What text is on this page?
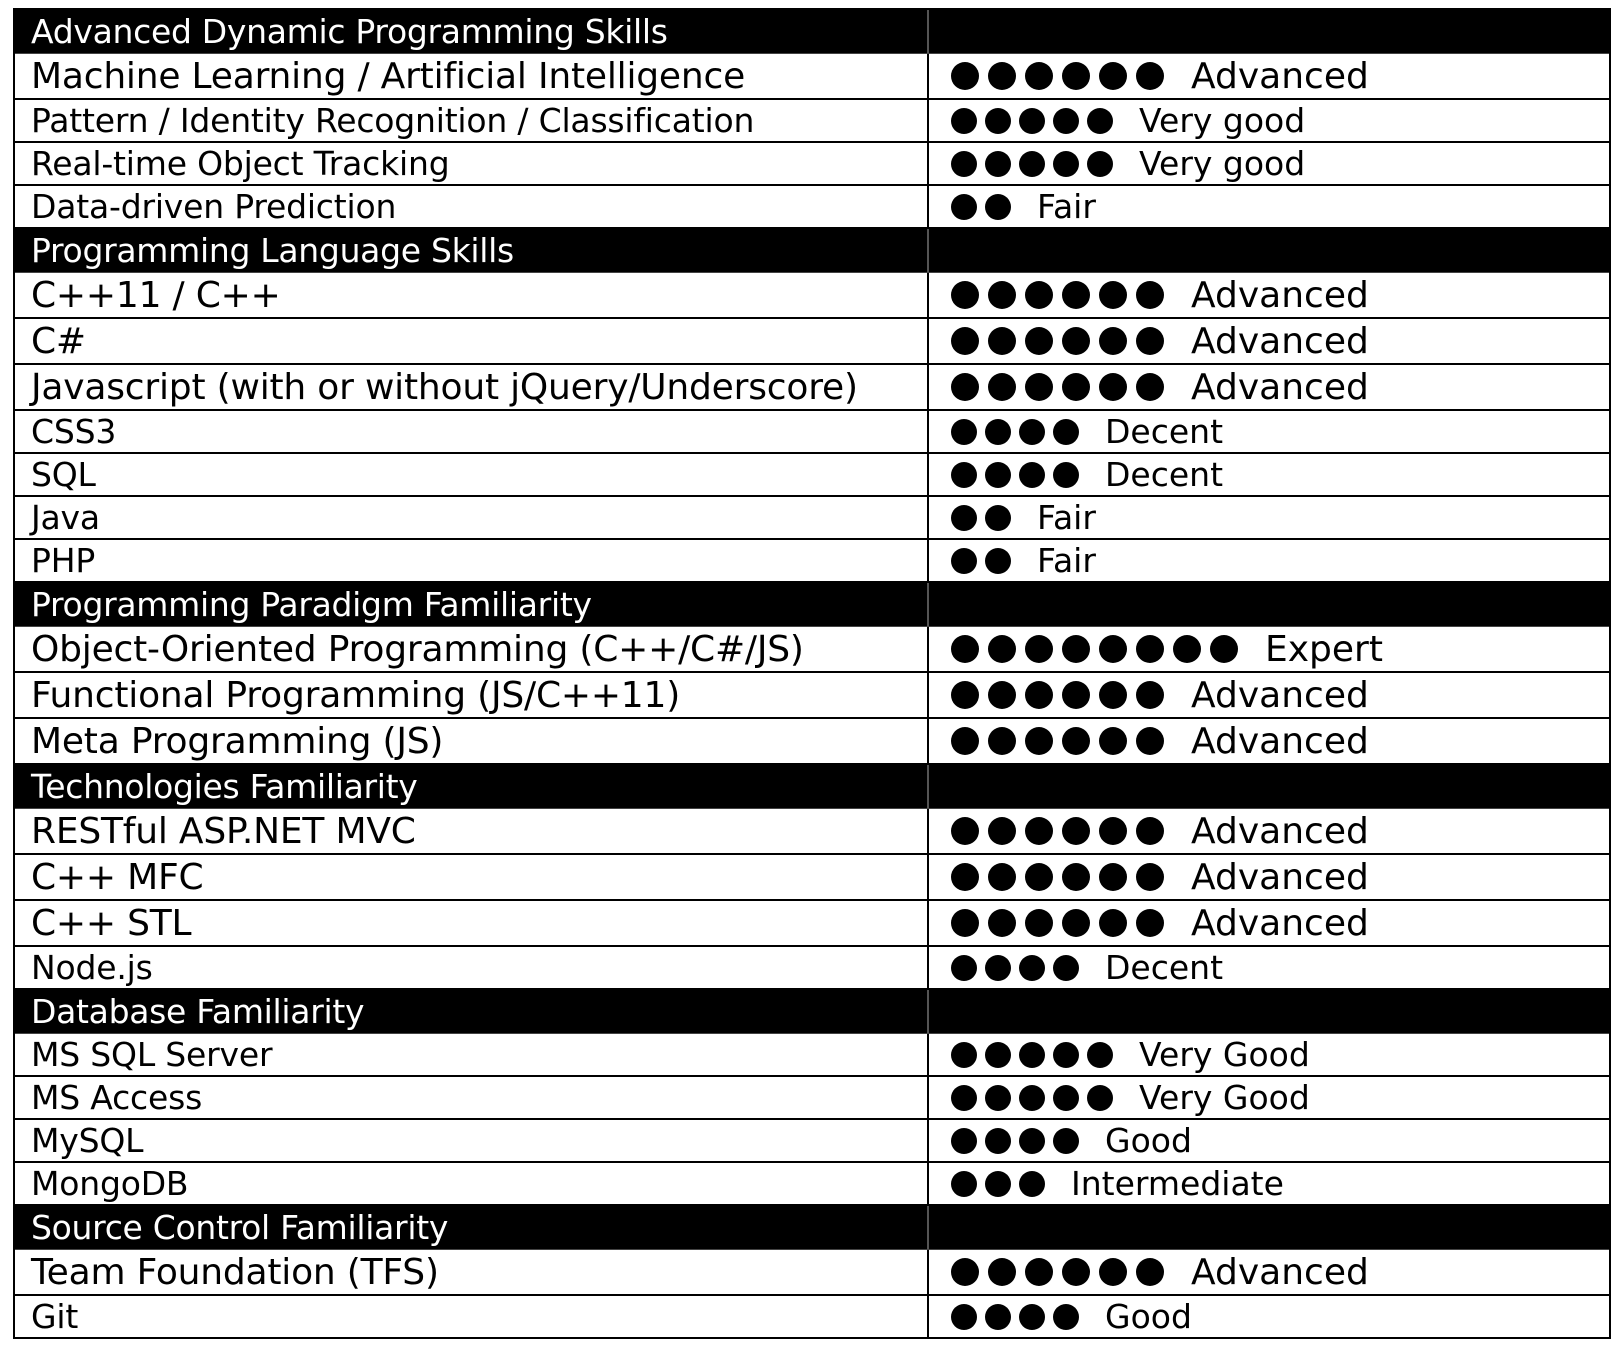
Advanced Dynamic Programming Skills
Machine Learning / Artificial Intelligence	Advanced
Pattern / Identity Recognition / Classification	Very good
Real-time Object Tracking	Very good
Data-driven Prediction	Fair
Programming Language Skills
C++11 / C++	Advanced
C#	Advanced
Javascript (with or without jQuery/Underscore)	Advanced
CSS3	Decent
SQL	Decent
Java	Fair
PHP	Fair
Programming Paradigm Familiarity
Object-Oriented Programming (C++/C#/JS)	Expert
Functional Programming (JS/C++11)	Advanced
Meta Programming (JS)	Advanced
Technologies Familiarity
RESTful ASP.NET MVC	Advanced
C++ MFC	Advanced
C++ STL	Advanced
Node.js	Decent
Database Familiarity
MS SQL Server	Very Good
MS Access	Very Good
MySQL	Good
MongoDB	Intermediate
Source Control Familiarity
Team Foundation (TFS)	Advanced
Git	Good
